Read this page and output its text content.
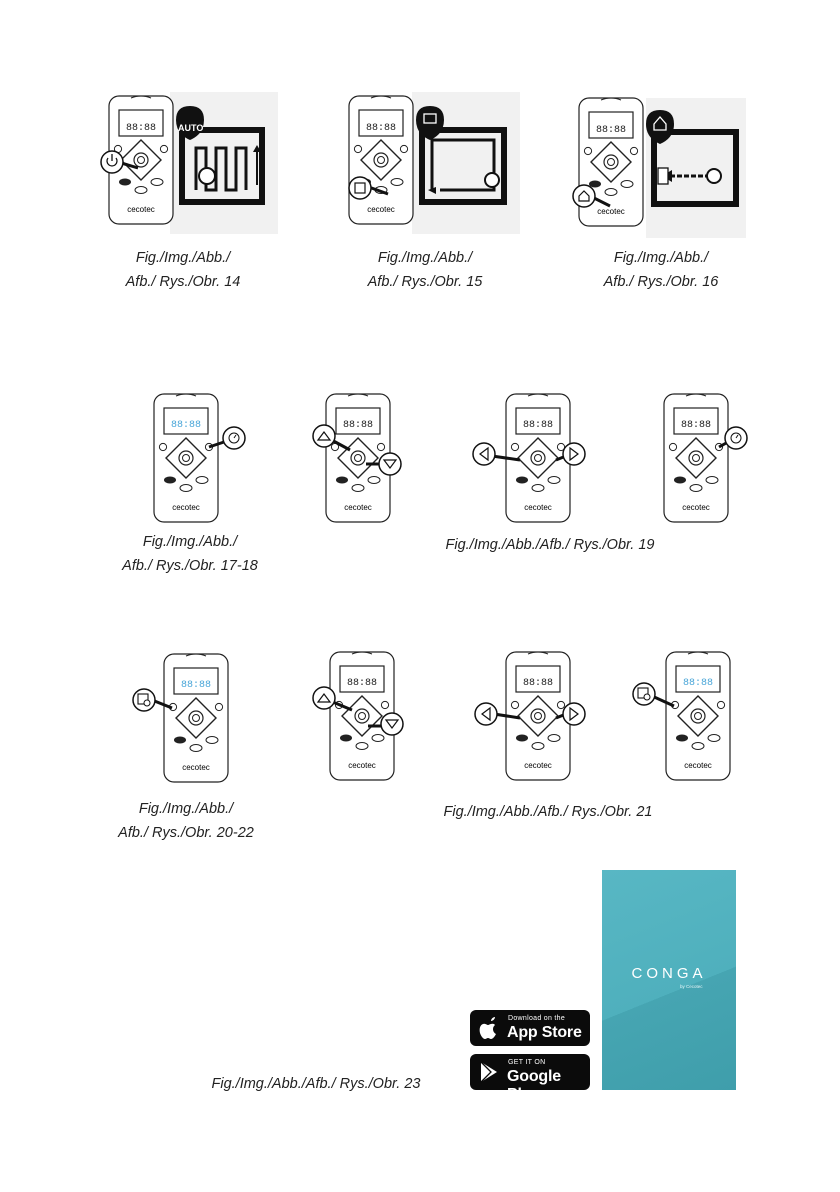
cecotec
88:88 AUTO
Fig./Img./Abb./
Afb./ Rys./Obr. 14
cecotec
88:88
Fig./Img./Abb./
Afb./ Rys./Obr. 15
cecotec
88:88
Fig./Img./Abb./
Afb./ Rys./Obr. 16
cecotec
88:88
Fig./Img./Abb./
Afb./ Rys./Obr. 17-18
cecotec
88:88
cecotec
88:88
cecotec
88:88
Fig./Img./Abb./Afb./ Rys./Obr. 19
cecotec
88:88
Fig./Img./Abb./
Afb./ Rys./Obr. 20-22
cecotec
88:88
cecotec
88:88
cecotec
88:88
Fig./Img./Abb./Afb./ Rys./Obr. 21
Fig./Img./Abb./Afb./ Rys./Obr. 23
Download on the
App Store
GET IT ON
Google Play
CONGA
by Cecotec
